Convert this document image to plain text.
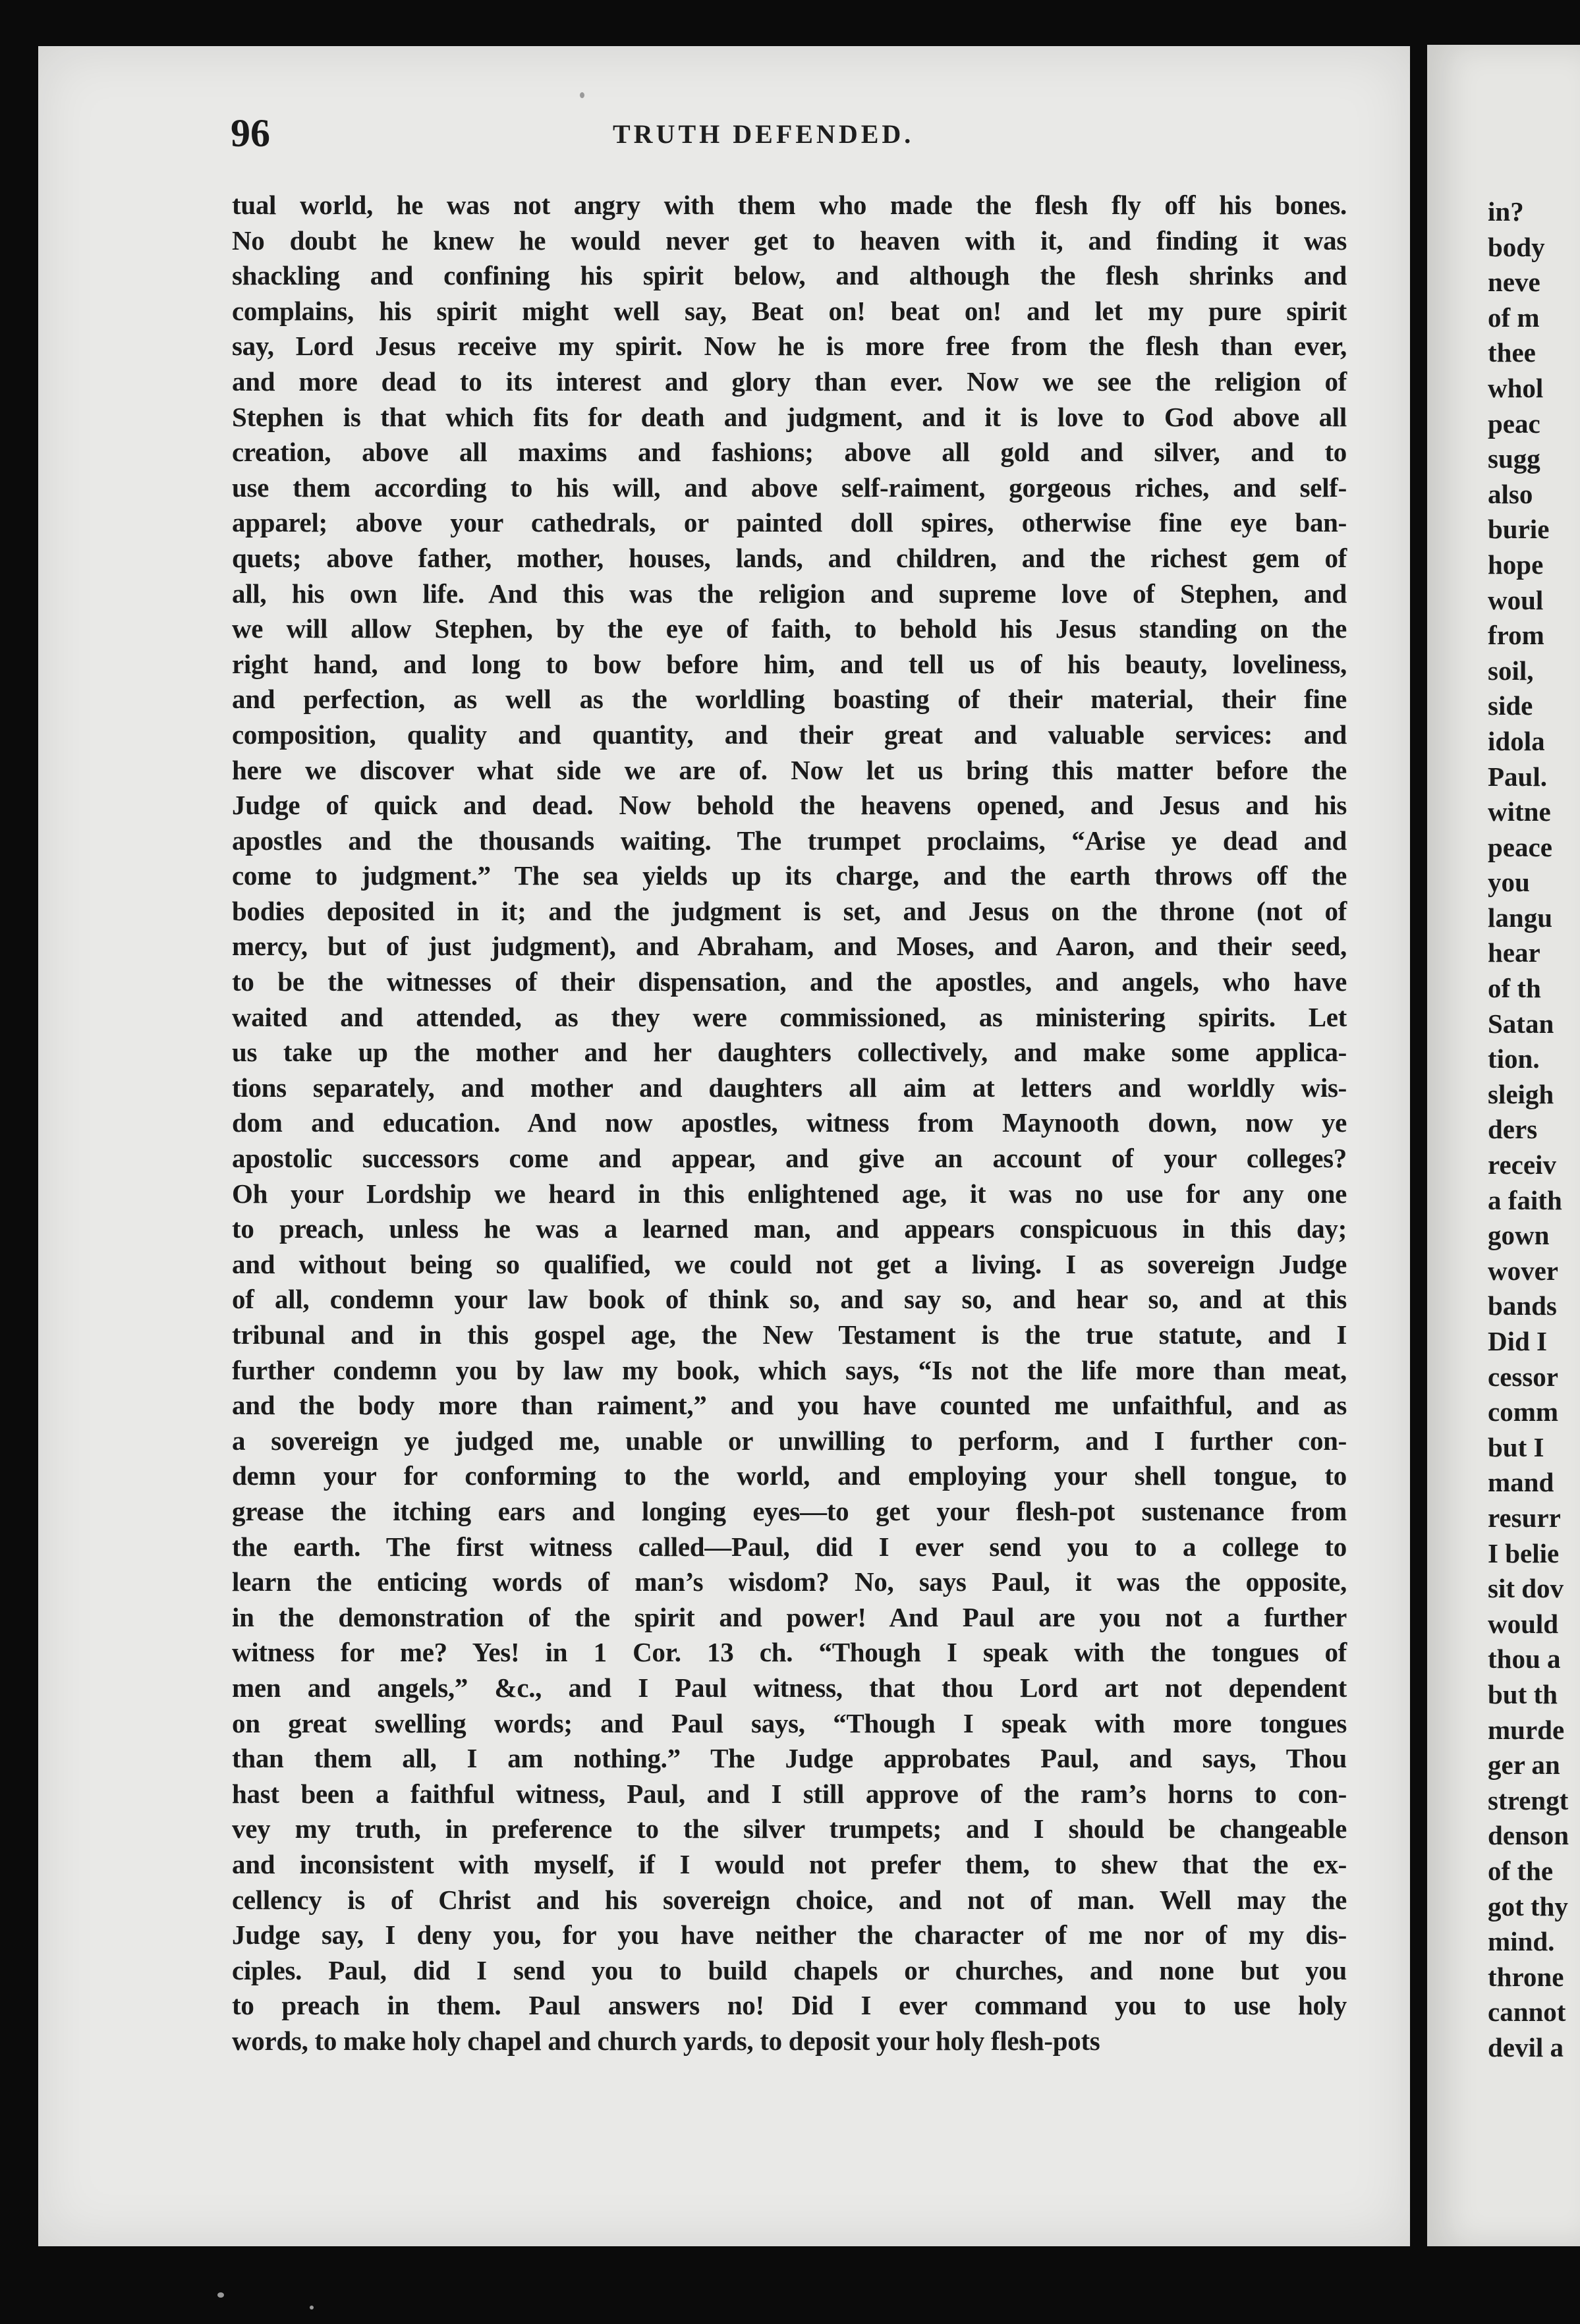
96	TRUTH DEFENDED.
tual world, he was not angry with them who made the flesh fly off his bones.
No doubt he knew he would never get to heaven with it, and finding it was
shackling and confining his spirit below, and although the flesh shrinks and
complains, his spirit might well say, Beat on! beat on! and let my pure spirit
say, Lord Jesus receive my spirit. Now he is more free from the flesh than ever,
and more dead to its interest and glory than ever. Now we see the religion of
Stephen is that which fits for death and judgment, and it is love to God above all
creation, above all maxims and fashions; above all gold and silver, and to
use them according to his will, and above self-raiment, gorgeous riches, and self-
apparel; above your cathedrals, or painted doll spires, otherwise fine eye ban-
quets; above father, mother, houses, lands, and children, and the richest gem of
all, his own life. And this was the religion and supreme love of Stephen, and
we will allow Stephen, by the eye of faith, to behold his Jesus standing on the
right hand, and long to bow before him, and tell us of his beauty, loveliness,
and perfection, as well as the worldling boasting of their material, their fine
composition, quality and quantity, and their great and valuable services: and
here we discover what side we are of. Now let us bring this matter before the
Judge of quick and dead. Now behold the heavens opened, and Jesus and his
apostles and the thousands waiting. The trumpet proclaims, “Arise ye dead and
come to judgment.” The sea yields up its charge, and the earth throws off the
bodies deposited in it; and the judgment is set, and Jesus on the throne (not of
mercy, but of just judgment), and Abraham, and Moses, and Aaron, and their seed,
to be the witnesses of their dispensation, and the apostles, and angels, who have
waited and attended, as they were commissioned, as ministering spirits. Let
us take up the mother and her daughters collectively, and make some applica-
tions separately, and mother and daughters all aim at letters and worldly wis-
dom and education. And now apostles, witness from Maynooth down, now ye
apostolic successors come and appear, and give an account of your colleges?
Oh your Lordship we heard in this enlightened age, it was no use for any one
to preach, unless he was a learned man, and appears conspicuous in this day;
and without being so qualified, we could not get a living. I as sovereign Judge
of all, condemn your law book of think so, and say so, and hear so, and at this
tribunal and in this gospel age, the New Testament is the true statute, and I
further condemn you by law my book, which says, “Is not the life more than meat,
and the body more than raiment,” and you have counted me unfaithful, and as
a sovereign ye judged me, unable or unwilling to perform, and I further con-
demn your for conforming to the world, and employing your shell tongue, to
grease the itching ears and longing eyes—to get your flesh-pot sustenance from
the earth. The first witness called—Paul, did I ever send you to a college to
learn the enticing words of man’s wisdom? No, says Paul, it was the opposite,
in the demonstration of the spirit and power! And Paul are you not a further
witness for me? Yes! in 1 Cor. 13 ch. “Though I speak with the tongues of
men and angels,” &c., and I Paul witness, that thou Lord art not dependent
on great swelling words; and Paul says, “Though I speak with more tongues
than them all, I am nothing.” The Judge approbates Paul, and says, Thou
hast been a faithful witness, Paul, and I still approve of the ram’s horns to con-
vey my truth, in preference to the silver trumpets; and I should be changeable
and inconsistent with myself, if I would not prefer them, to shew that the ex-
cellency is of Christ and his sovereign choice, and not of man. Well may the
Judge say, I deny you, for you have neither the character of me nor of my dis-
ciples. Paul, did I send you to build chapels or churches, and none but you
to preach in them. Paul answers no! Did I ever command you to use holy
words, to make holy chapel and church yards, to deposit your holy flesh-pots
in?
body
neve
of m
thee
whol
peac
sugg
also
burie
hope
woul
from
soil,
side
idola
Paul.
witne
peace
you
langu
hear
of th
Satan
tion.
sleigh
ders
receiv
a faith
gown
wover
bands
Did I
cessor
comm
but I
mand
resurr
I belie
sit dov
would
thou a
but th
murde
ger an
strengt
denson
of the
got thy
mind.
throne
cannot
devil a
